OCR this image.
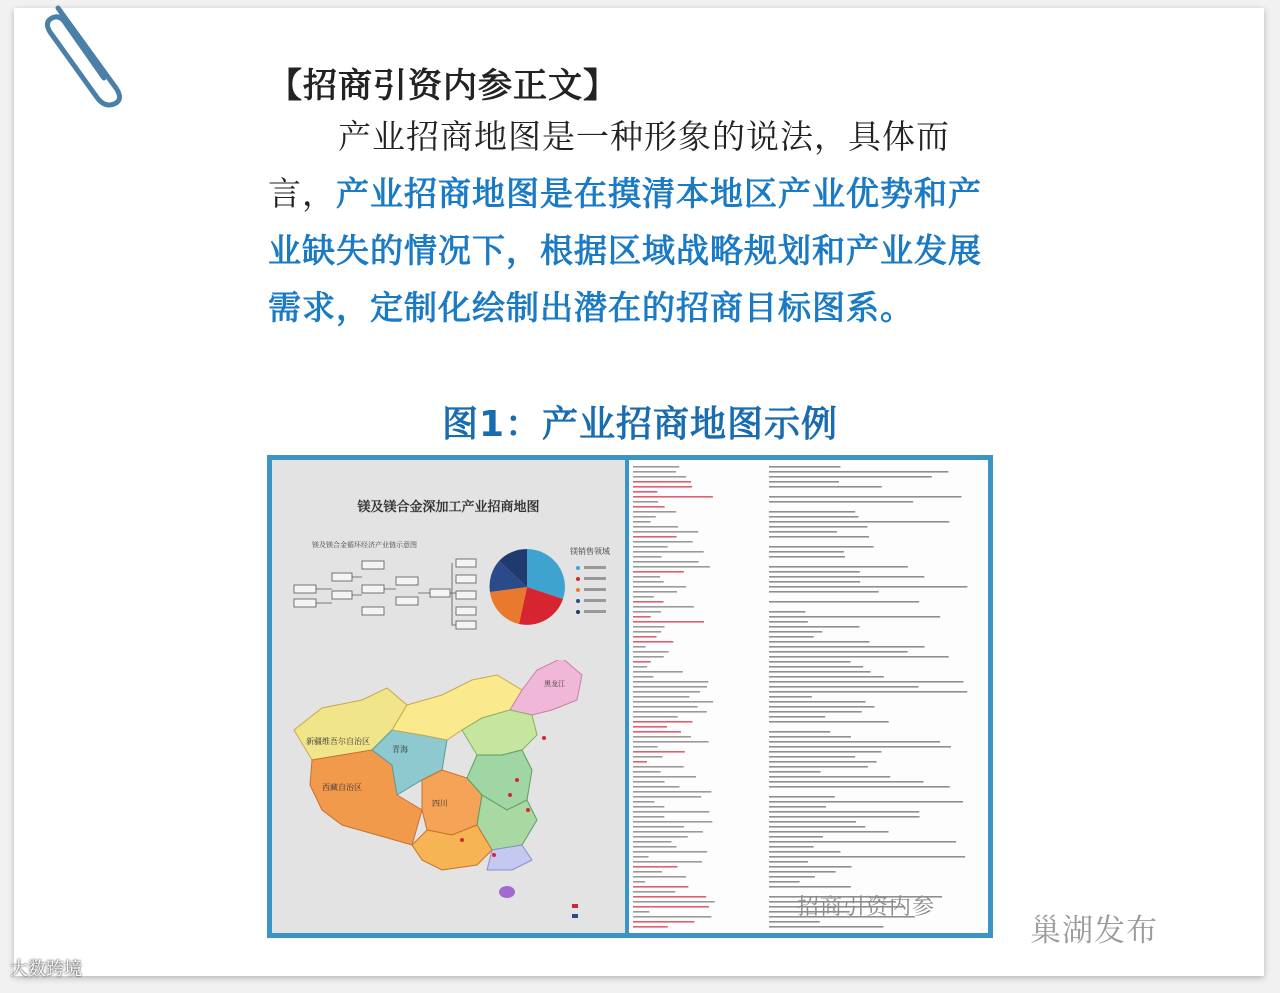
【招商引资内参正文】
产业招商地图是一种形象的说法，具体而言，产业招商地图是在摸清本地区产业优势和产业缺失的情况下，根据区域战略规划和产业发展需求，定制化绘制出潜在的招商目标图系。
图1：产业招商地图示例
镁及镁合金深加工产业招商地图
镁及镁合金循环经济产业链示意图
镁销售领域
新疆维吾尔自治区
西藏自治区
青海
四川
黑龙江
招商引资内参
巢湖发布
大数跨境
